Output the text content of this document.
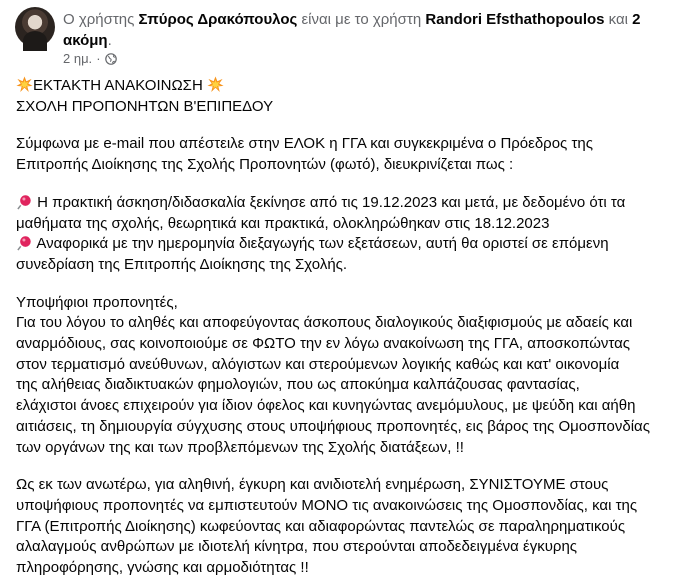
Ο χρήστης Σπύρος Δρακόπουλος είναι με το χρήστη Randori Efsthathopoulos και 2 ακόμη.
2 ημ. ·

ΕΚΤΑΚΤΗ ΑΝΑΚΟΙΝΩΣΗ

ΣΧΟΛΗ ΠΡΟΠΟΝΗΤΩΝ Β'ΕΠΙΠΕΔΟΥ

Σύμφωνα με e-mail που απέστειλε στην ΕΛΟΚ η ΓΓΑ και συγκεκριμένα ο Πρόεδρος της

Επιτροπής Διοίκησης της Σχολής Προπονητών (φωτό), διευκρινίζεται πως :

Η πρακτική άσκηση/διδασκαλία ξεκίνησε από τις 19.12.2023 και μετά, με δεδομένο ότι τα

μαθήματα της σχολής, θεωρητικά και πρακτικά, ολοκληρώθηκαν στις 18.12.2023

Αναφορικά με την ημερομηνία διεξαγωγής των εξετάσεων, αυτή θα οριστεί σε επόμενη

συνεδρίαση της Επιτροπής Διοίκησης της Σχολής.

Υποψήφιοι προπονητές,

Για του λόγου το αληθές και αποφεύγοντας άσκοπους διαλογικούς διαξιφισμούς με αδαείς και

αναρμόδιους, σας κοινοποιούμε σε ΦΩΤΟ την εν λόγω ανακοίνωση της ΓΓΑ, αποσκοπώντας

στον τερματισμό ανεύθυνων, αλόγιστων και στερούμενων λογικής καθώς και κατ' οικονομία

της αλήθειας διαδικτυακών φημολογιών, που ως αποκύημα καλπάζουσας φαντασίας,

ελάχιστοι άνοες επιχειρούν για ίδιον όφελος και κυνηγώντας ανεμόμυλους, με ψεύδη και αήθη

αιτιάσεις, τη δημιουργία σύγχυσης στους υποψήφιους προπονητές, εις βάρος της Ομοσπονδίας

των οργάνων της και των προβλεπόμενων της Σχολής διατάξεων, !!

Ως εκ των ανωτέρω, για αληθινή, έγκυρη και ανιδιοτελή ενημέρωση, ΣΥΝΙΣΤΟΥΜΕ στους

υποψήφιους προπονητές να εμπιστευτούν ΜΟΝΟ τις ανακοινώσεις της Ομοσπονδίας, και της

ΓΓΑ (Επιτροπής Διοίκησης) κωφεύοντας και αδιαφορώντας παντελώς σε παραληρηματικούς

αλαλαγμούς ανθρώπων με ιδιοτελή κίνητρα, που στερούνται αποδεδειγμένα έγκυρης

πληροφόρησης, γνώσης και αρμοδιότητας !!
